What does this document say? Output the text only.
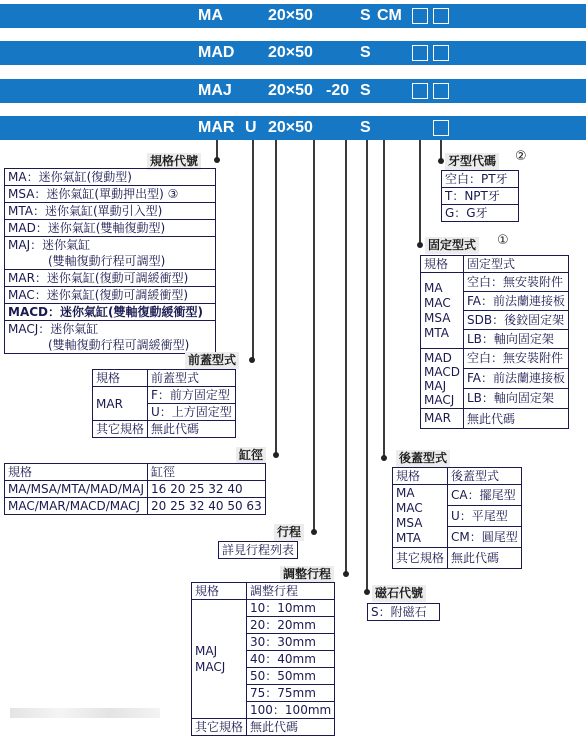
MA	20×50	S CM
MAD 20×50	S
MAJ 20×50 -20 S
MAR U 20×50	S
規格代號
MA：迷你氣缸(復動型)
MSA：迷你氣缸(單動押出型) ③
MTA：迷你氣缸(單動引入型)
MAD：迷你氣缸(雙軸復動型)
MAJ：迷你氣缸
(雙軸復動行程可調型)
MAR：迷你氣缸(復動可調緩衝型)
MAC：迷你氣缸(復動可調緩衝型)
MACD：迷你氣缸(雙軸復動緩衝型)
MACJ：迷你氣缸
(雙軸復動行程可調緩衝型)
前蓋型式
規格	前蓋型式
MAR	F：前方固定型
	U：上方固定型
其它規格	無此代碼
缸徑
規格	缸徑
MA/MSA/MTA/MAD/MAJ	16 20 25 32 40
MAC/MAR/MACD/MACJ	20 25 32 40 50 63
行程
詳見行程列表
調整行程
規格	調整行程
MAJ
MACJ	10：10mm
	20：20mm
	30：30mm
	40：40mm
	50：50mm
	75：75mm
	100：100mm
其它規格	無此代碼
磁石代號
S：附磁石
後蓋型式
規格	後蓋型式
MA
MAC
MSA
MTA	CA：擺尾型
	U：平尾型
	CM：圓尾型
其它規格	無此代碼
牙型代碼 ②
空白：PT牙
T：NPT牙
G：G牙
固定型式 ①
規格	固定型式
MA
MAC
MSA
MTA	空白：無安裝附件
	FA：前法蘭連接板
	SDB：後鉸固定架
	LB：軸向固定架
MAD
MACD
MAJ
MACJ	空白：無安裝附件
	FA：前法蘭連接板
	LB：軸向固定架
MAR	無此代碼
